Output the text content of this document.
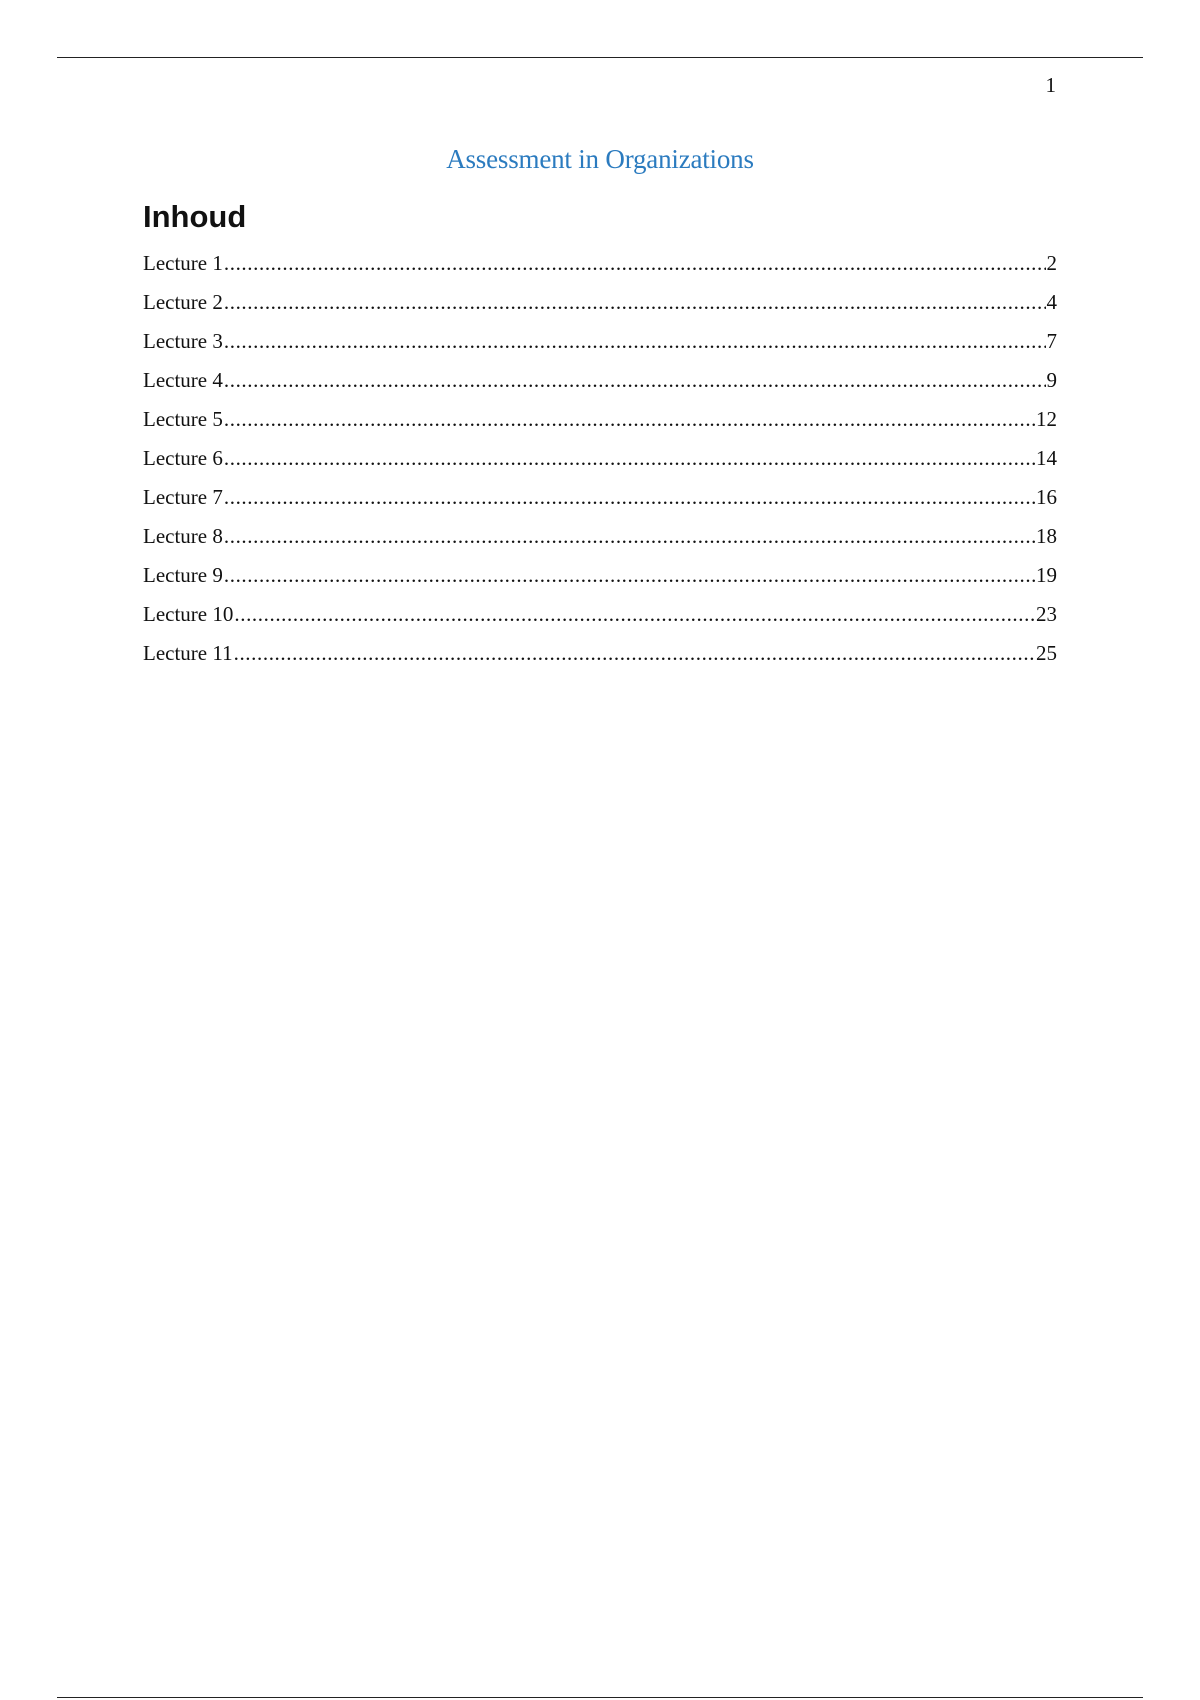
1
Assessment in Organizations
Inhoud
Lecture 1 .....	2
Lecture 2 .....	4
Lecture 3 .....	7
Lecture 4 .....	9
Lecture 5 .....	12
Lecture 6 .....	14
Lecture 7 .....	16
Lecture 8 .....	18
Lecture 9 .....	19
Lecture 10 .....	23
Lecture 11 .....	25
